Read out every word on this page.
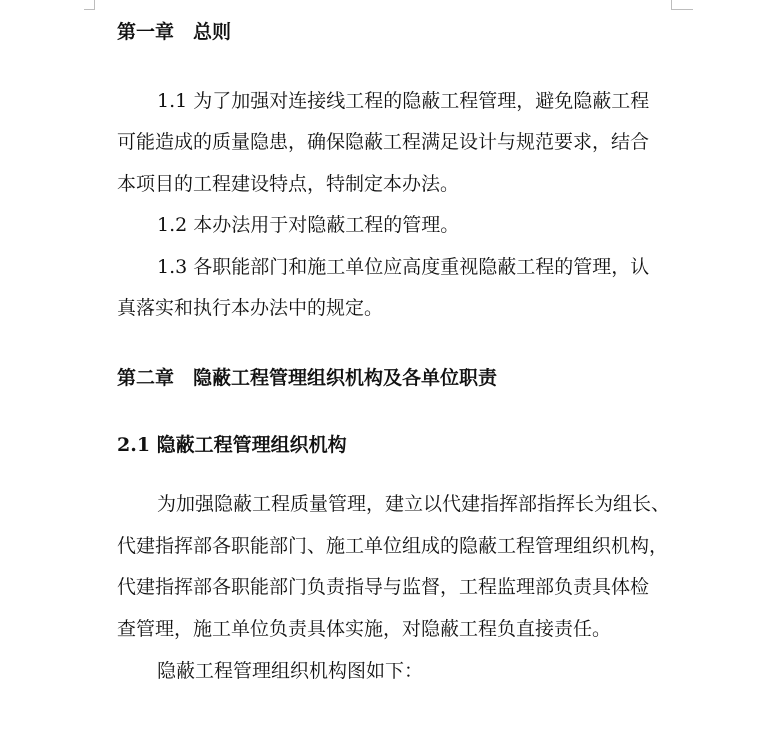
第一章　总则

1.1 为了加强对连接线工程的隐蔽工程管理，避免隐蔽工程

可能造成的质量隐患，确保隐蔽工程满足设计与规范要求，结合

本项目的工程建设特点，特制定本办法。

1.2 本办法用于对隐蔽工程的管理。

1.3 各职能部门和施工单位应高度重视隐蔽工程的管理，认

真落实和执行本办法中的规定。

第二章　隐蔽工程管理组织机构及各单位职责

2.1 隐蔽工程管理组织机构

为加强隐蔽工程质量管理，建立以代建指挥部指挥长为组长、

代建指挥部各职能部门、施工单位组成的隐蔽工程管理组织机构，

代建指挥部各职能部门负责指导与监督，工程监理部负责具体检

查管理，施工单位负责具体实施，对隐蔽工程负直接责任。

隐蔽工程管理组织机构图如下：
